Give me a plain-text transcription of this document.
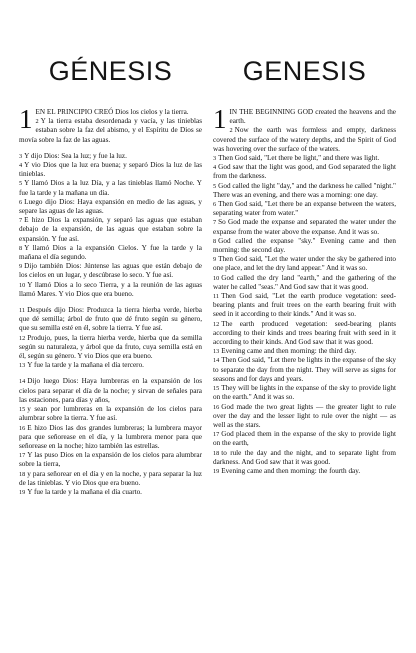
GÉNESIS

1 EN EL PRINCIPIO CREÓ Dios los cielos y la tierra.

2 Y la tierra estaba desordenada y vacía, y las tinieblas estaban sobre la faz del abismo, y el Espíritu de Dios se movía sobre la faz de las aguas.

3 Y dijo Dios: Sea la luz; y fue la luz.

4 Y vio Dios que la luz era buena; y separó Dios la luz de las tinieblas.

5 Y llamó Dios a la luz Día, y a las tinieblas llamó Noche. Y fue la tarde y la mañana un día.

6 Luego dijo Dios: Haya expansión en medio de las aguas, y separe las aguas de las aguas.

7 E hizo Dios la expansión, y separó las aguas que estaban debajo de la expansión, de las aguas que estaban sobre la expansión. Y fue así.

8 Y llamó Dios a la expansión Cielos. Y fue la tarde y la mañana el día segundo.

9 Dijo también Dios: Júntense las aguas que están debajo de los cielos en un lugar, y descúbrase lo seco. Y fue así.

10 Y llamó Dios a lo seco Tierra, y a la reunión de las aguas llamó Mares. Y vio Dios que era bueno.

11 Después dijo Dios: Produzca la tierra hierba verde, hierba que dé semilla; árbol de fruto que dé fruto según su género, que su semilla esté en él, sobre la tierra. Y fue así.

12 Produjo, pues, la tierra hierba verde, hierba que da semilla según su naturaleza, y árbol que da fruto, cuya semilla está en él, según su género. Y vio Dios que era bueno.

13 Y fue la tarde y la mañana el día tercero.

14 Dijo luego Dios: Haya lumbreras en la expansión de los cielos para separar el día de la noche; y sirvan de señales para las estaciones, para días y años,

15 y sean por lumbreras en la expansión de los cielos para alumbrar sobre la tierra. Y fue así.

16 E hizo Dios las dos grandes lumbreras; la lumbrera mayor para que señorease en el día, y la lumbrera menor para que señorease en la noche; hizo también las estrellas.

17 Y las puso Dios en la expansión de los cielos para alumbrar sobre la tierra,

18 y para señorear en el día y en la noche, y para separar la luz de las tinieblas. Y vio Dios que era bueno.

19 Y fue la tarde y la mañana el día cuarto.

GENESIS

1 IN THE BEGINNING GOD created the heavens and the earth.

2 Now the earth was formless and empty, darkness covered the surface of the watery depths, and the Spirit of God was hovering over the surface of the waters.

3 Then God said, "Let there be light," and there was light.

4 God saw that the light was good, and God separated the light from the darkness.

5 God called the light "day," and the darkness he called "night." There was an evening, and there was a morning: one day.

6 Then God said, "Let there be an expanse between the waters, separating water from water."

7 So God made the expanse and separated the water under the expanse from the water above the expanse. And it was so.

8 God called the expanse "sky." Evening came and then morning: the second day.

9 Then God said, "Let the water under the sky be gathered into one place, and let the dry land appear." And it was so.

10 God called the dry land "earth," and the gathering of the water he called "seas." And God saw that it was good.

11 Then God said, "Let the earth produce vegetation: seed-bearing plants and fruit trees on the earth bearing fruit with seed in it according to their kinds." And it was so.

12 The earth produced vegetation: seed-bearing plants according to their kinds and trees bearing fruit with seed in it according to their kinds. And God saw that it was good.

13 Evening came and then morning: the third day.

14 Then God said, "Let there be lights in the expanse of the sky to separate the day from the night. They will serve as signs for seasons and for days and years.

15 They will be lights in the expanse of the sky to provide light on the earth." And it was so.

16 God made the two great lights — the greater light to rule over the day and the lesser light to rule over the night — as well as the stars.

17 God placed them in the expanse of the sky to provide light on the earth,

18 to rule the day and the night, and to separate light from darkness. And God saw that it was good.

19 Evening came and then morning: the fourth day.
